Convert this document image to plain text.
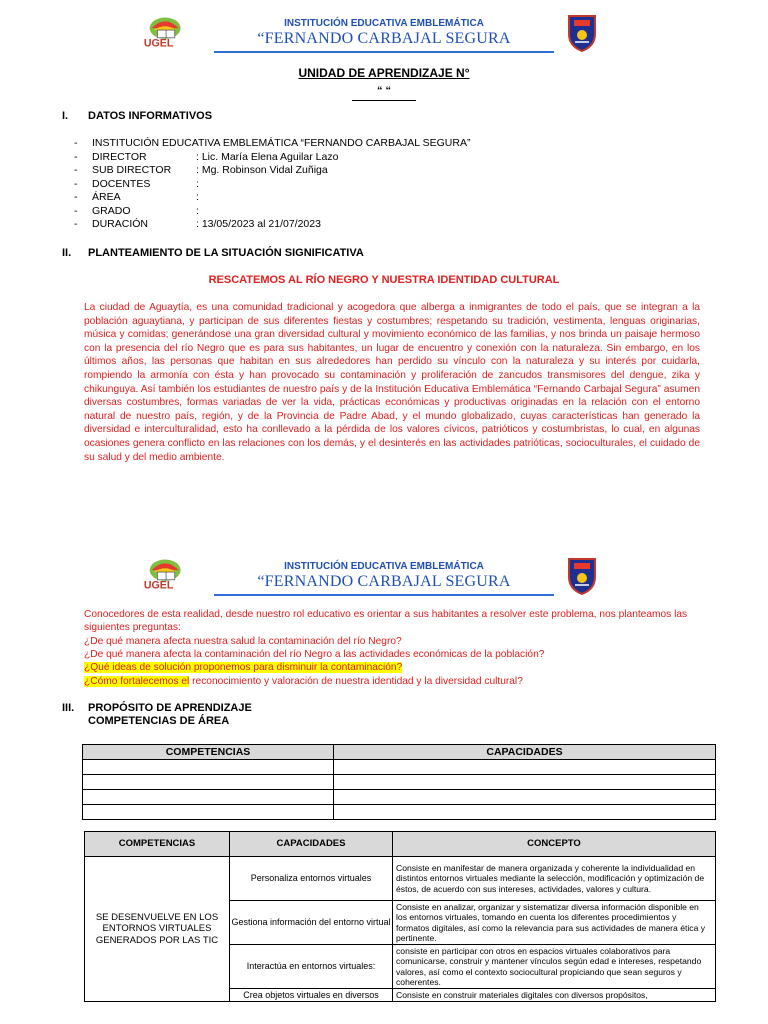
UGEL
INSTITUCIÓN EDUCATIVA EMBLEMÁTICA
“FERNANDO CARBAJAL SEGURA
UNIDAD DE APRENDIZAJE N°
“ “
I. DATOS INFORMATIVOS
- INSTITUCIÓN EDUCATIVA EMBLEMÁTICA “FERNANDO CARBAJAL SEGURA”
- DIRECTOR	: Lic. María Elena Aguilar Lazo
- SUB DIRECTOR : Mg. Robinson Vidal Zuñiga
- DOCENTES	:
- ÁREA	:
- GRADO	:
- DURACIÓN	: 13/05/2023 al 21/07/2023
II. PLANTEAMIENTO DE LA SITUACIÓN SIGNIFICATIVA
RESCATEMOS AL RÍO NEGRO Y NUESTRA IDENTIDAD CULTURAL
La ciudad de Aguaytía, es una comunidad tradicional y acogedora que alberga a inmigrantes de todo el país, que se integran a la población aguaytiana, y participan de sus diferentes fiestas y costumbres; respetando su tradición, vestimenta, lenguas originarias, música y comidas; generándose una gran diversidad cultural y movimiento económico de las familias, y nos brinda un paisaje hermoso con la presencia del río Negro que es para sus habitantes, un lugar de encuentro y conexión con la naturaleza. Sin embargo, en los últimos años, las personas que habitan en sus alrededores han perdido su vínculo con la naturaleza y su interés por cuidarla, rompiendo la armonía con ésta y han provocado su contaminación y proliferación de zancudos transmisores del dengue, zika y chikunguya. Así también los estudiantes de nuestro país y de la Institución Educativa Emblemática “Fernando Carbajal Segura” asumen diversas costumbres, formas variadas de ver la vida, prácticas económicas y productivas originadas en la relación con el entorno natural de nuestro país, región, y de la Provincia de Padre Abad, y el mundo globalizado, cuyas características han generado la diversidad e interculturalidad, esto ha conllevado a la pérdida de los valores cívicos, patrióticos y costumbristas, lo cual, en algunas ocasiones genera conflicto en las relaciones con los demás, y el desinterés en las actividades patrióticas, socioculturales, el cuidado de su salud y del medio ambiente.
UGEL
INSTITUCIÓN EDUCATIVA EMBLEMÁTICA
“FERNANDO CARBAJAL SEGURA
Conocedores de esta realidad, desde nuestro rol educativo es orientar a sus habitantes a resolver este problema, nos planteamos las siguientes preguntas:
¿De qué manera afecta nuestra salud la contaminación del río Negro?
¿De qué manera afecta la contaminación del río Negro a las actividades económicas de la población?
¿Qué ideas de solución proponemos para disminuir la contaminación?
¿Cómo fortalecemos el reconocimiento y valoración de nuestra identidad y la diversidad cultural?
III. PROPÓSITO DE APRENDIZAJE
COMPETENCIAS DE ÁREA
COMPETENCIAS	CAPACIDADES

COMPETENCIAS	CAPACIDADES	CONCEPTO
SE DESENVUELVE EN LOS ENTORNOS VIRTUALES GENERADOS POR LAS TIC	Personaliza entornos virtuales	Consiste en manifestar de manera organizada y coherente la individualidad en distintos entornos virtuales mediante la selección, modificación y optimización de éstos, de acuerdo con sus intereses, actividades, valores y cultura.
	Gestiona información del entorno virtual	Consiste en analizar, organizar y sistematizar diversa información disponible en los entornos virtuales, tomando en cuenta los diferentes procedimientos y formatos digitales, así como la relevancia para sus actividades de manera ética y pertinente.
	Interactúa en entornos virtuales:	consiste en participar con otros en espacios virtuales colaborativos para comunicarse, construir y mantener vínculos según edad e intereses, respetando valores, así como el contexto sociocultural propiciando que sean seguros y coherentes.
	Crea objetos virtuales en diversos	Consiste en construir materiales digitales con diversos propósitos,
